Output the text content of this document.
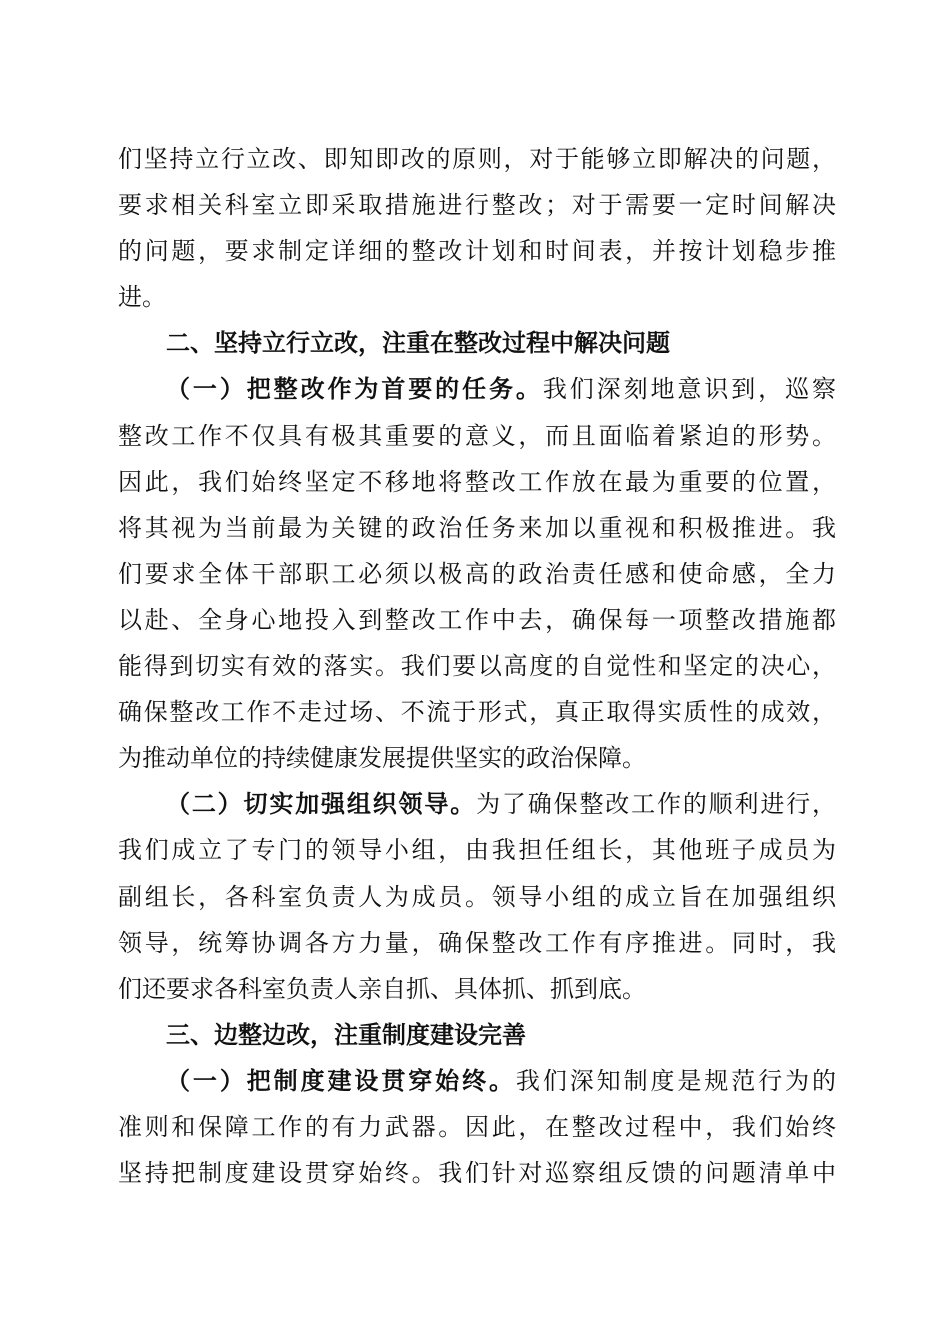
们坚持立行立改、即知即改的原则，对于能够立即解决的问题，
要求相关科室立即采取措施进行整改；对于需要一定时间解决
的问题，要求制定详细的整改计划和时间表，并按计划稳步推
进。
二、坚持立行立改，注重在整改过程中解决问题
（一）把整改作为首要的任务。我们深刻地意识到，巡察
整改工作不仅具有极其重要的意义，而且面临着紧迫的形势。
因此，我们始终坚定不移地将整改工作放在最为重要的位置，
将其视为当前最为关键的政治任务来加以重视和积极推进。我
们要求全体干部职工必须以极高的政治责任感和使命感，全力
以赴、全身心地投入到整改工作中去，确保每一项整改措施都
能得到切实有效的落实。我们要以高度的自觉性和坚定的决心，
确保整改工作不走过场、不流于形式，真正取得实质性的成效，
为推动单位的持续健康发展提供坚实的政治保障。
（二）切实加强组织领导。为了确保整改工作的顺利进行，
我们成立了专门的领导小组，由我担任组长，其他班子成员为
副组长，各科室负责人为成员。领导小组的成立旨在加强组织
领导，统筹协调各方力量，确保整改工作有序推进。同时，我
们还要求各科室负责人亲自抓、具体抓、抓到底。
三、边整边改，注重制度建设完善
（一）把制度建设贯穿始终。我们深知制度是规范行为的
准则和保障工作的有力武器。因此，在整改过程中，我们始终
坚持把制度建设贯穿始终。我们针对巡察组反馈的问题清单中
